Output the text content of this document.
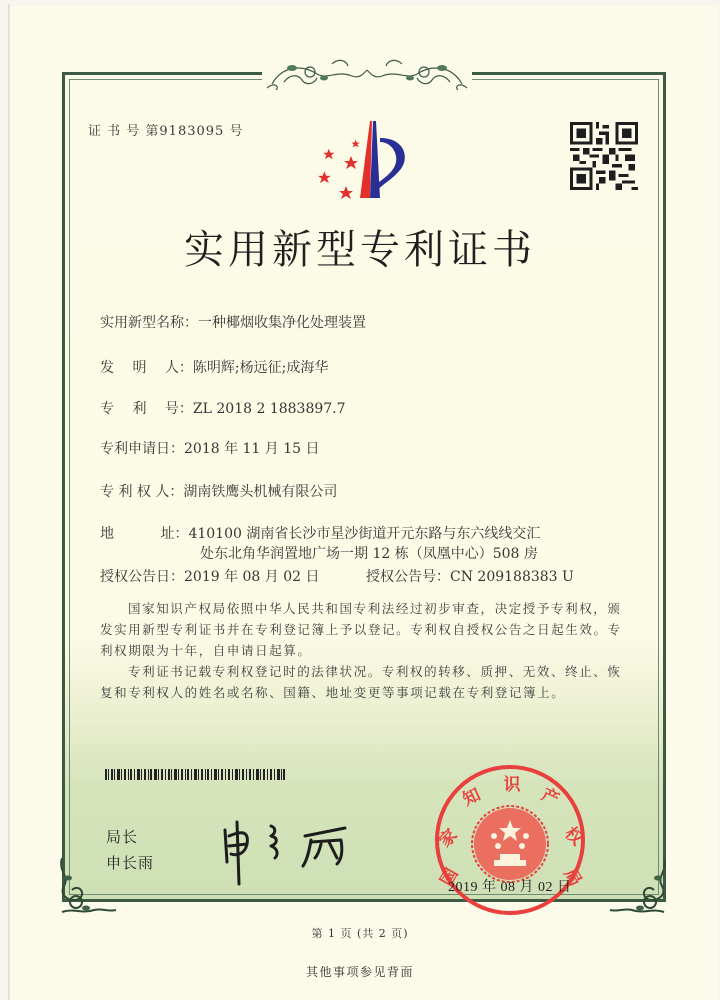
证 书 号 第9183095 号
实用新型专利证书
实用新型名称：一种椰烟收集净化处理装置
发　 明　 人：陈明辉;杨远征;成海华
专　 利　 号：ZL 2018 2 1883897.7
专利申请日：2018 年 11 月 15 日
专 利 权 人：湖南铁鹰头机械有限公司
地　　　 址：410100 湖南省长沙市星沙街道开元东路与东六线线交汇
处东北角华润置地广场一期 12 栋（凤凰中心）508 房
授权公告日：2019 年 08 月 02 日	授权公告号：CN 209188383 U

国家知识产权局依照中华人民共和国专利法经过初步审查，决定授予专利权，颁发实用新型专利证书并在专利登记簿上予以登记。专利权自授权公告之日起生效。专利权期限为十年，自申请日起算。

专利证书记载专利权登记时的法律状况。专利权的转移、质押、无效、终止、恢复和专利权人的姓名或名称、国籍、地址变更等事项记载在专利登记簿上。

局长
申长雨
国
家
知 识 产
权
局
2019 年 08 月 02 日
第 1 页 (共 2 页)
其他事项参见背面
